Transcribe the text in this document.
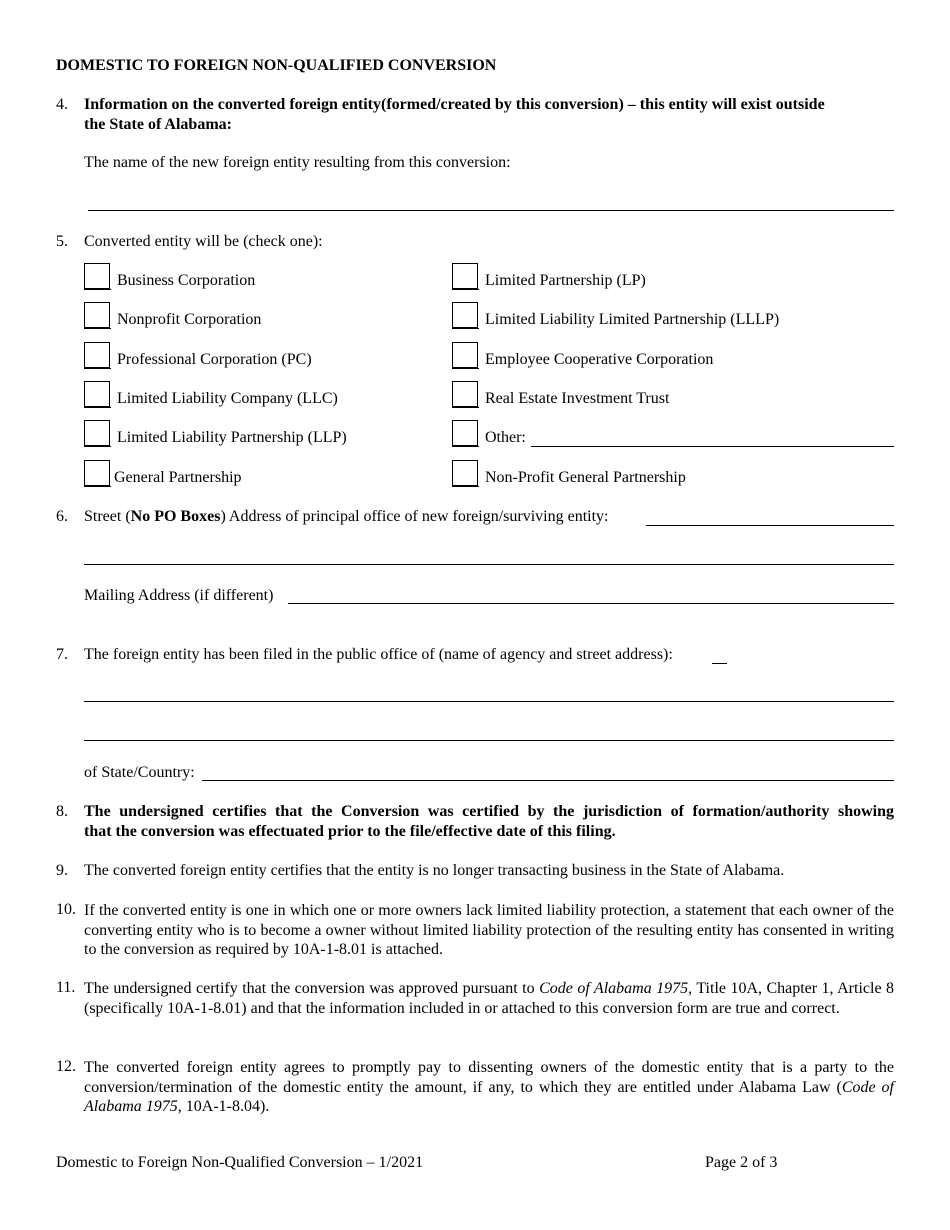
DOMESTIC TO FOREIGN NON-QUALIFIED CONVERSION
4. Information on the converted foreign entity(formed/created by this conversion) – this entity will exist outside
the State of Alabama:
The name of the new foreign entity resulting from this conversion:
5. Converted entity will be (check one):
Business Corporation
Nonprofit Corporation
Professional Corporation (PC)
Limited Liability Company (LLC)
Limited Liability Partnership (LLP)
General Partnership
Limited Partnership (LP)
Limited Liability Limited Partnership (LLLP)
Employee Cooperative Corporation
Real Estate Investment Trust
Other:
Non-Profit General Partnership
6. Street (No PO Boxes) Address of principal office of new foreign/surviving entity:
Mailing Address (if different)
7. The foreign entity has been filed in the public office of (name of agency and street address):
of State/Country:
8. The undersigned certifies that the Conversion was certified by the jurisdiction of formation/authority showing
that the conversion was effectuated prior to the file/effective date of this filing.
9. The converted foreign entity certifies that the entity is no longer transacting business in the State of Alabama.
10. If the converted entity is one in which one or more owners lack limited liability protection, a statement that each owner of the converting entity who is to become a owner without limited liability protection of the resulting entity has consented in writing to the conversion as required by 10A-1-8.01 is attached.
11. The undersigned certify that the conversion was approved pursuant to Code of Alabama 1975, Title 10A, Chapter 1, Article 8 (specifically 10A-1-8.01) and that the information included in or attached to this conversion form are true and correct.
12. The converted foreign entity agrees to promptly pay to dissenting owners of the domestic entity that is a party to the conversion/termination of the domestic entity the amount, if any, to which they are entitled under Alabama Law (Code of Alabama 1975, 10A-1-8.04).
Domestic to Foreign Non-Qualified Conversion – 1/2021	Page 2 of 3
